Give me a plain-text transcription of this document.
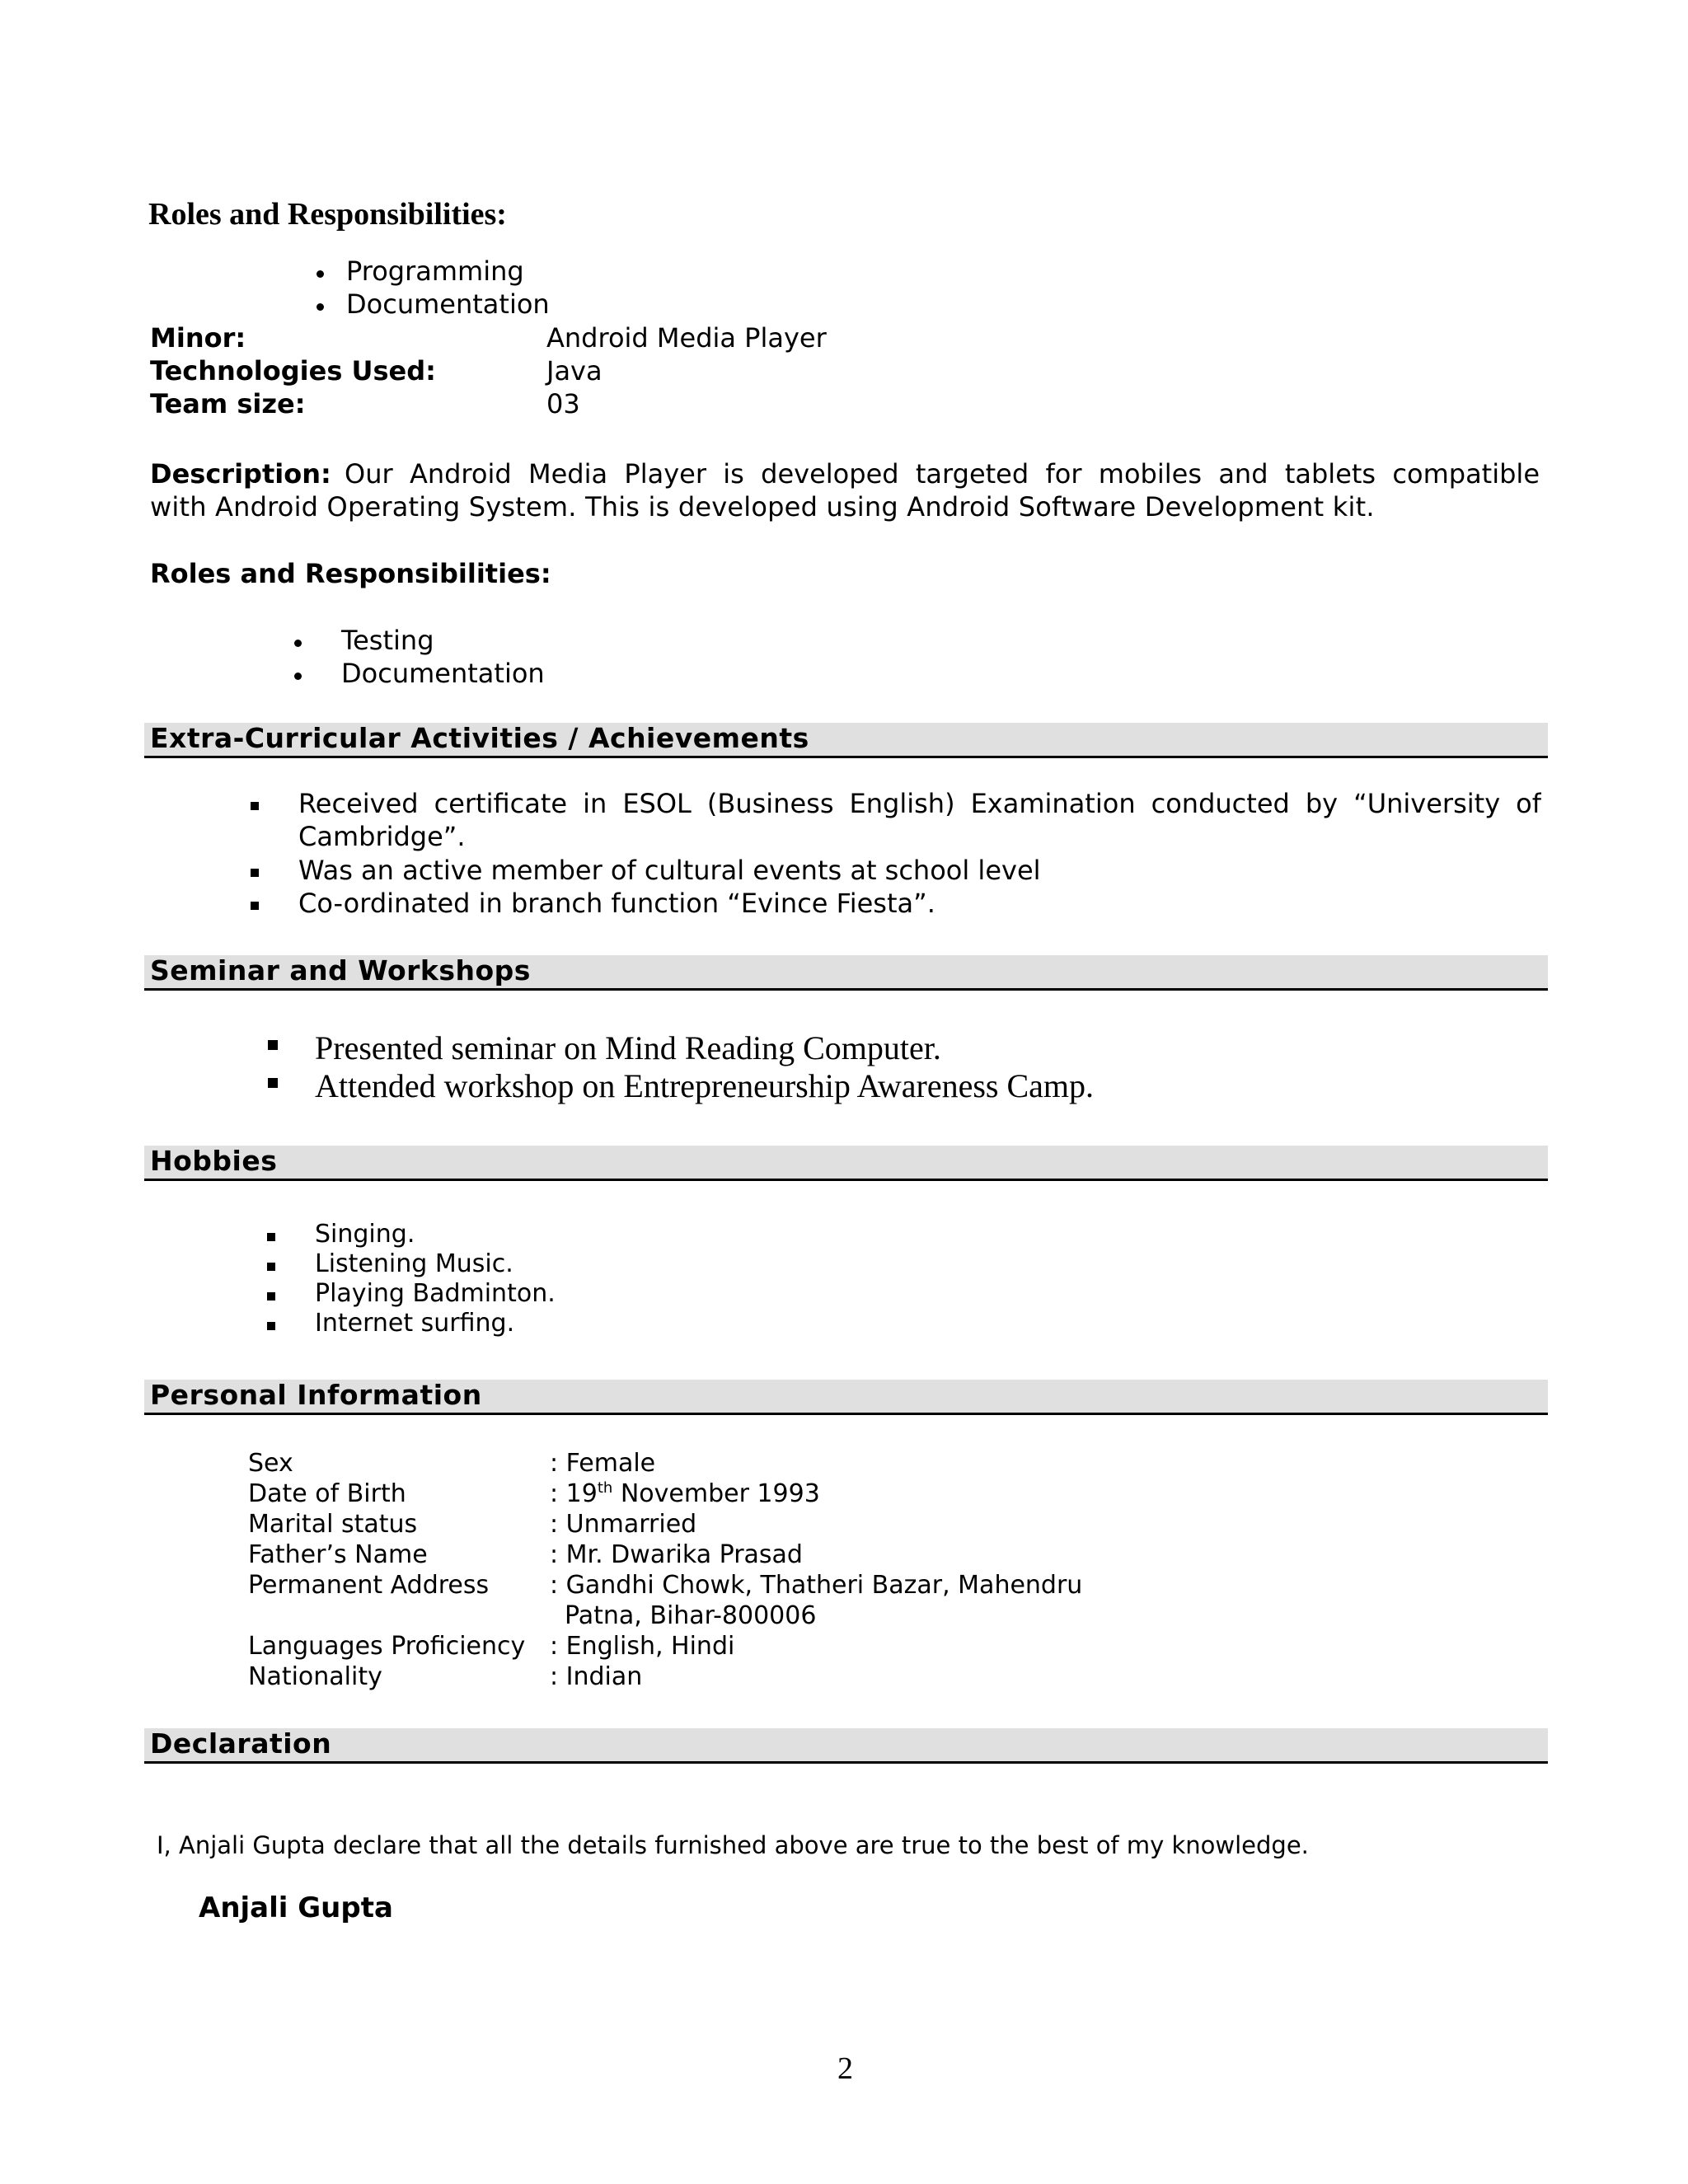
Roles and Responsibilities:
Programming
Documentation
Minor:	Android Media Player
Technologies Used:	Java
Team size:	03
Description: Our Android Media Player is developed targeted for mobiles and tablets compatible
with Android Operating System. This is developed using Android Software Development kit.
Roles and Responsibilities:
Testing
Documentation
Extra-Curricular Activities / Achievements
Received certificate in ESOL (Business English) Examination conducted by “University of
Cambridge”.
Was an active member of cultural events at school level
Co-ordinated in branch function “Evince Fiesta”.
Seminar and Workshops
Presented seminar on Mind Reading Computer.
Attended workshop on Entrepreneurship Awareness Camp.
Hobbies
Singing.
Listening Music.
Playing Badminton.
Internet surfing.
Personal Information
Sex	: Female
Date of Birth	: 19th November 1993
Marital status	: Unmarried
Father’s Name	: Mr. Dwarika Prasad
Permanent Address : Gandhi Chowk, Thatheri Bazar, Mahendru
Patna, Bihar-800006
Languages Proficiency : English, Hindi
Nationality	: Indian
Declaration
I, Anjali Gupta declare that all the details furnished above are true to the best of my knowledge.
Anjali Gupta
2
